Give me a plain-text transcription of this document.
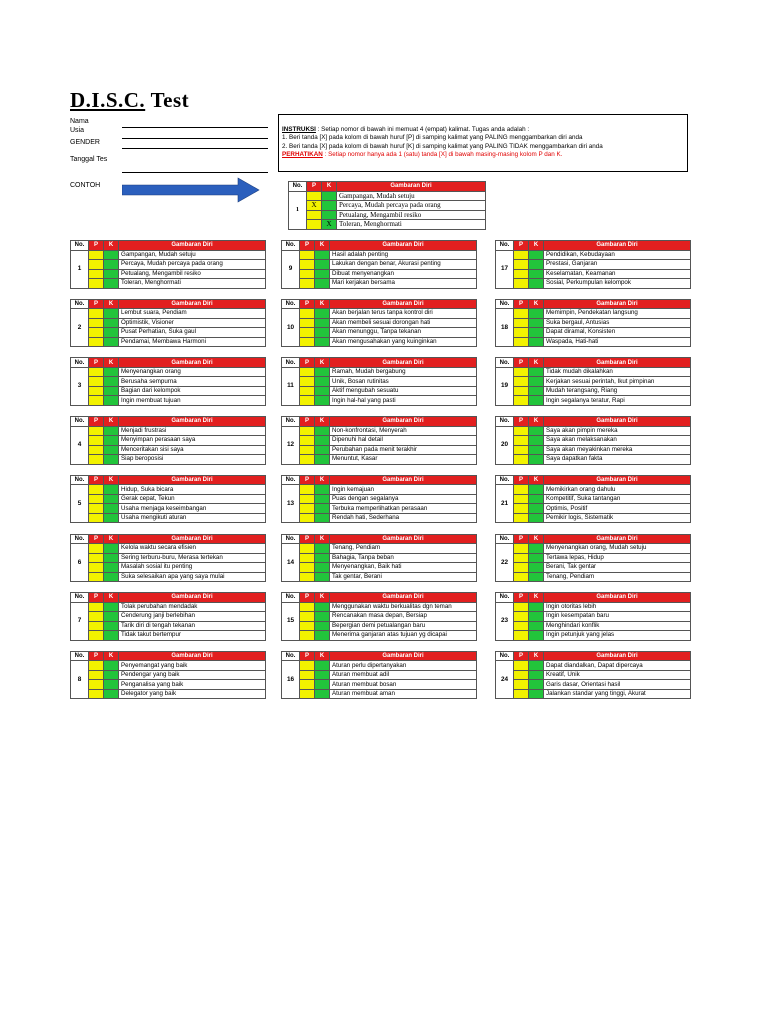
D.I.S.C. Test
Nama
Usia
GENDER
Tanggal Tes
INSTRUKSI : Setiap nomor di bawah ini memuat 4 (empat) kalimat. Tugas anda adalah :
1. Beri tanda [X] pada kolom di bawah huruf [P] di samping kalimat yang PALING menggambarkan diri anda
2. Beri tanda [X] pada kolom di bawah huruf [K] di samping kalimat yang PALING TIDAK menggambarkan diri anda
PERHATIKAN : Setiap nomor hanya ada 1 (satu) tanda [X] di bawah masing-masing kolom P dan K.
CONTOH	No.	P	K	Gambaran Diri
1			Gampangan, Mudah setuju
	X		Percaya, Mudah percaya pada orang
			Petualang, Mengambil resiko
		X	Toleran, Menghormati
No.	P	K	Gambaran Diri
1			Gampangan, Mudah setuju
			Percaya, Mudah percaya pada orang
			Petualang, Mengambil resiko
			Toleran, Menghormati
No.	P	K	Gambaran Diri
2			Lembut suara, Pendiam
			Optimistik, Visioner
			Pusat Perhatian, Suka gaul
			Pendamai, Membawa Harmoni
No.	P	K	Gambaran Diri
3			Menyenangkan orang
			Berusaha sempurna
			Bagian dari kelompok
			Ingin membuat tujuan
No.	P	K	Gambaran Diri
4			Menjadi frustrasi
			Menyimpan perasaan saya
			Menceritakan sisi saya
			Siap beroposisi
No.	P	K	Gambaran Diri
5			Hidup, Suka bicara
			Gerak cepat, Tekun
			Usaha menjaga keseimbangan
			Usaha mengikuti aturan
No.	P	K	Gambaran Diri
6			Kelola waktu secara efisien
			Sering terburu-buru, Merasa tertekan
			Masalah sosial itu penting
			Suka selesaikan apa yang saya mulai
No.	P	K	Gambaran Diri
7			Tolak perubahan mendadak
			Cenderung janji berlebihan
			Tarik diri di tengah tekanan
			Tidak takut bertempur
No.	P	K	Gambaran Diri
8			Penyemangat yang baik
			Pendengar yang baik
			Penganalisa yang baik
			Delegator yang baik
No.	P	K	Gambaran Diri
9			Hasil adalah penting
			Lakukan dengan benar, Akurasi penting
			Dibuat menyenangkan
			Mari kerjakan bersama
No.	P	K	Gambaran Diri
10			Akan berjalan terus tanpa kontrol diri
			Akan membeli sesuai dorongan hati
			Akan menunggu, Tanpa tekanan
			Akan mengusahakan yang kuinginkan
No.	P	K	Gambaran Diri
11			Ramah, Mudah bergabung
			Unik, Bosan rutinitas
			Aktif mengubah sesuatu
			Ingin hal-hal yang pasti
No.	P	K	Gambaran Diri
12			Non-konfrontasi, Menyerah
			Dipenuhi hal detail
			Perubahan pada menit terakhir
			Menuntut, Kasar
No.	P	K	Gambaran Diri
13			Ingin kemajuan
			Puas dengan segalanya
			Terbuka memperlihatkan perasaan
			Rendah hati, Sederhana
No.	P	K	Gambaran Diri
14			Tenang, Pendiam
			Bahagia, Tanpa beban
			Menyenangkan, Baik hati
			Tak gentar, Berani
No.	P	K	Gambaran Diri
15			Menggunakan waktu berkualitas dgn teman
			Rencanakan masa depan, Bersiap
			Bepergian demi petualangan baru
			Menerima ganjaran atas tujuan yg dicapai
No.	P	K	Gambaran Diri
16			Aturan perlu dipertanyakan
			Aturan membuat adil
			Aturan membuat bosan
			Aturan membuat aman
No.	P	K	Gambaran Diri
17			Pendidikan, Kebudayaan
			Prestasi, Ganjaran
			Keselamatan, Keamanan
			Sosial, Perkumpulan kelompok
No.	P	K	Gambaran Diri
18			Memimpin, Pendekatan langsung
			Suka bergaul, Antusias
			Dapat diramal, Konsisten
			Waspada, Hati-hati
No.	P	K	Gambaran Diri
19			Tidak mudah dikalahkan
			Kerjakan sesuai perintah, Ikut pimpinan
			Mudah terangsang, Riang
			Ingin segalanya teratur, Rapi
No.	P	K	Gambaran Diri
20			Saya akan pimpin mereka
			Saya akan melaksanakan
			Saya akan meyakinkan mereka
			Saya dapatkan fakta
No.	P	K	Gambaran Diri
21			Memikirkan orang dahulu
			Kompetitif, Suka tantangan
			Optimis, Positif
			Pemikir logis, Sistematik
No.	P	K	Gambaran Diri
22			Menyenangkan orang, Mudah setuju
			Tertawa lepas, Hidup
			Berani, Tak gentar
			Tenang, Pendiam
No.	P	K	Gambaran Diri
23			Ingin otoritas lebih
			Ingin kesempatan baru
			Menghindari konflik
			Ingin petunjuk yang jelas
No.	P	K	Gambaran Diri
24			Dapat diandalkan, Dapat dipercaya
			Kreatif, Unik
			Garis dasar, Orientasi hasil
			Jalankan standar yang tinggi, Akurat
